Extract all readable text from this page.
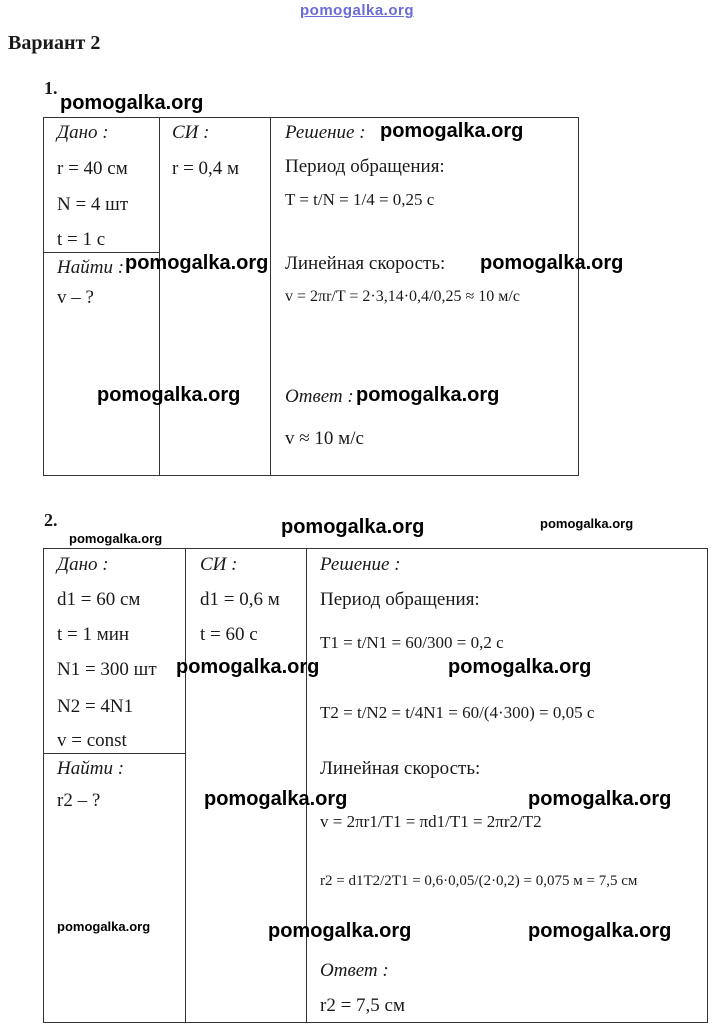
pomogalka.org
Вариант 2
1.

Дано :
r = 40 см
N = 4 шт
t = 1 с
Найти :
v – ?
СИ :
r = 0,4 м
Решение :
Период обращения:
T = t/N = 1/4 = 0,25 с
Линейная скорость:
v = 2πr/T = 2·3,14·0,4/0,25 ≈ 10 м/с
Ответ :
v ≈ 10 м/с
2.

Дано :
d1 = 60 см
t = 1 мин
N1 = 300 шт
N2 = 4N1
v = const
Найти :
r2 – ?
СИ :
d1 = 0,6 м
t = 60 с
Решение :
Период обращения:
T1 = t/N1 = 60/300 = 0,2 с
T2 = t/N2 = t/4N1 = 60/(4·300) = 0,05 с
Линейная скорость:
v = 2πr1/T1 = πd1/T1 = 2πr2/T2
r2 = d1T2/2T1 = 0,6·0,05/(2·0,2) = 0,075 м = 7,5 см
Ответ :
r2 = 7,5 см
pomogalka.org
pomogalka.org
pomogalka.org	pomogalka.org
pomogalka.org	pomogalka.org
pomogalka.org
pomogalka.org	pomogalka.org
pomogalka.org	pomogalka.org
pomogalka.org	pomogalka.org
pomogalka.org	pomogalka.org	pomogalka.org
